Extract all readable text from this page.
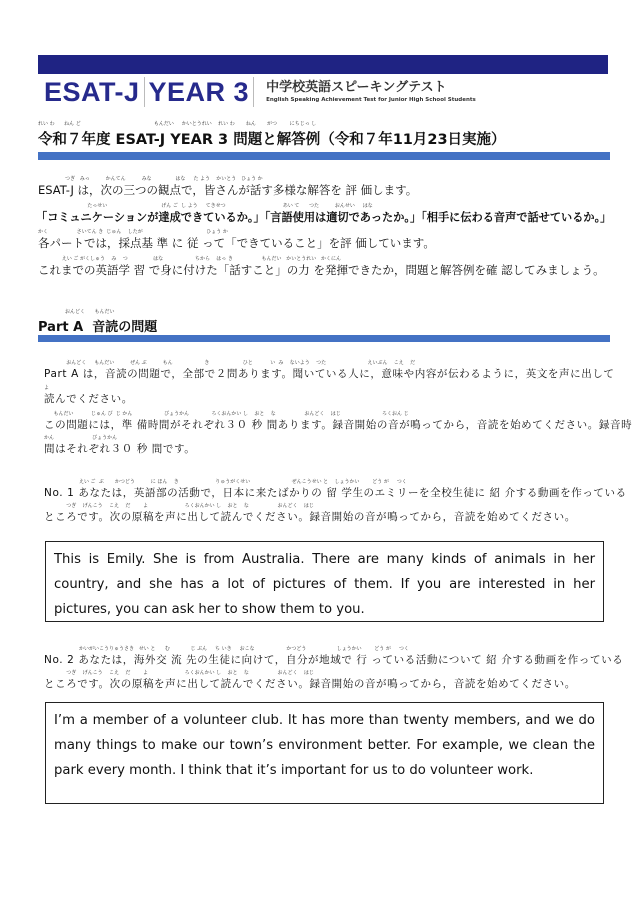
ESAT-J YEAR 3 中学校英語スピーキングテスト
English Speaking Achievement Test for Junior High School Students
れい わ      ねん ど                                              もんだい     かいとうれい    れい わ       ねん       がつ        にちじっ し
令和７年度 ESAT-J YEAR 3 問題と解答例（令和７年11月23日実施）
つぎ   みっ          かんてん          みな               はな     た よう    かいとう   ひょう か
ESAT-J は，次の三つの観点で，皆さんが話す多様な解答を 評 価します。
たっせい                                  げん ご  し よう     てきせつ                                    あい て      つた          おんせい     はな
「コミュニケーションが達成できているか。」「言語使用は適切であったか。」「相手に伝わる音声で話せているか。」
かく                  さいてん き  じゅん    したが                                        ひょう か
各パートでは，採点基 準 に 従 って「できていること」を評 価しています。
えい ご がくしゅう    み    つ                はな                    ちから    はっ き                  もんだい   かいとうれい   かくにん
これまでの英語学 習 で身に付けた「話すこと」の力 を発揮できたか，問題と解答例を確 認してみましょう。
おんどく      もんだい
Part A 音読の問題
おんどく     もんだい          ぜん ぶ          もん                    き                     ひと           い  み    ないよう    つた                          えいぶん    こえ    だ
Part A は，音読の問題で，全部で２問あります。聞いている人に，意味や内容が伝わるように，英文を声に出して
よ
読んでください。
もんだい           じゅん び  じ かん                    びょうかん              ろくおんかい し    おと    な                  おんどく    はじ                          ろくおん じ
この問題には，準 備時間がそれぞれ３０ 秒 間あります。録音開始の音が鳴ってから，音読を始めてください。録音時
かん                        びょうかん
間はそれぞれ３０ 秒 間です。
えい ご  ぶ       かつどう          に ほん    き                       りゅうがくせい                          ぜんこうせい と    しょうかい        どう が     つく
No. 1 あなたは，英語部の活動で，日本に来たばかりの 留 学生のエミリーを全校生徒に 紹 介する動画を作っている
つぎ    げんこう    こえ    だ        よ                       ろくおんかい し    おと    な                  おんどく    はじ
ところです。次の原稿を声に出して読んでください。録音開始の音が鳴ってから，音読を始めてください。
This is Emily. She is from Australia. There are many kinds of animals in her country, and she has a lot of pictures of them. If you are interested in her pictures, you can ask her to show them to you.
かいがいこうりゅうさき   せい と      む             じ ぶん     ち いき     おこな                    かつどう                   しょうかい        どう が     つく
No. 2 あなたは，海外交 流 先の生徒に向けて，自分が地域で 行 っている活動について 紹 介する動画を作っている
つぎ    げんこう    こえ    だ        よ                       ろくおんかい し    おと    な                  おんどく    はじ
ところです。次の原稿を声に出して読んでください。録音開始の音が鳴ってから，音読を始めてください。
I’m a member of a volunteer club. It has more than twenty members, and we do many things to make our town’s environment better. For example, we clean the park every month. I think that it’s important for us to do volunteer work.
